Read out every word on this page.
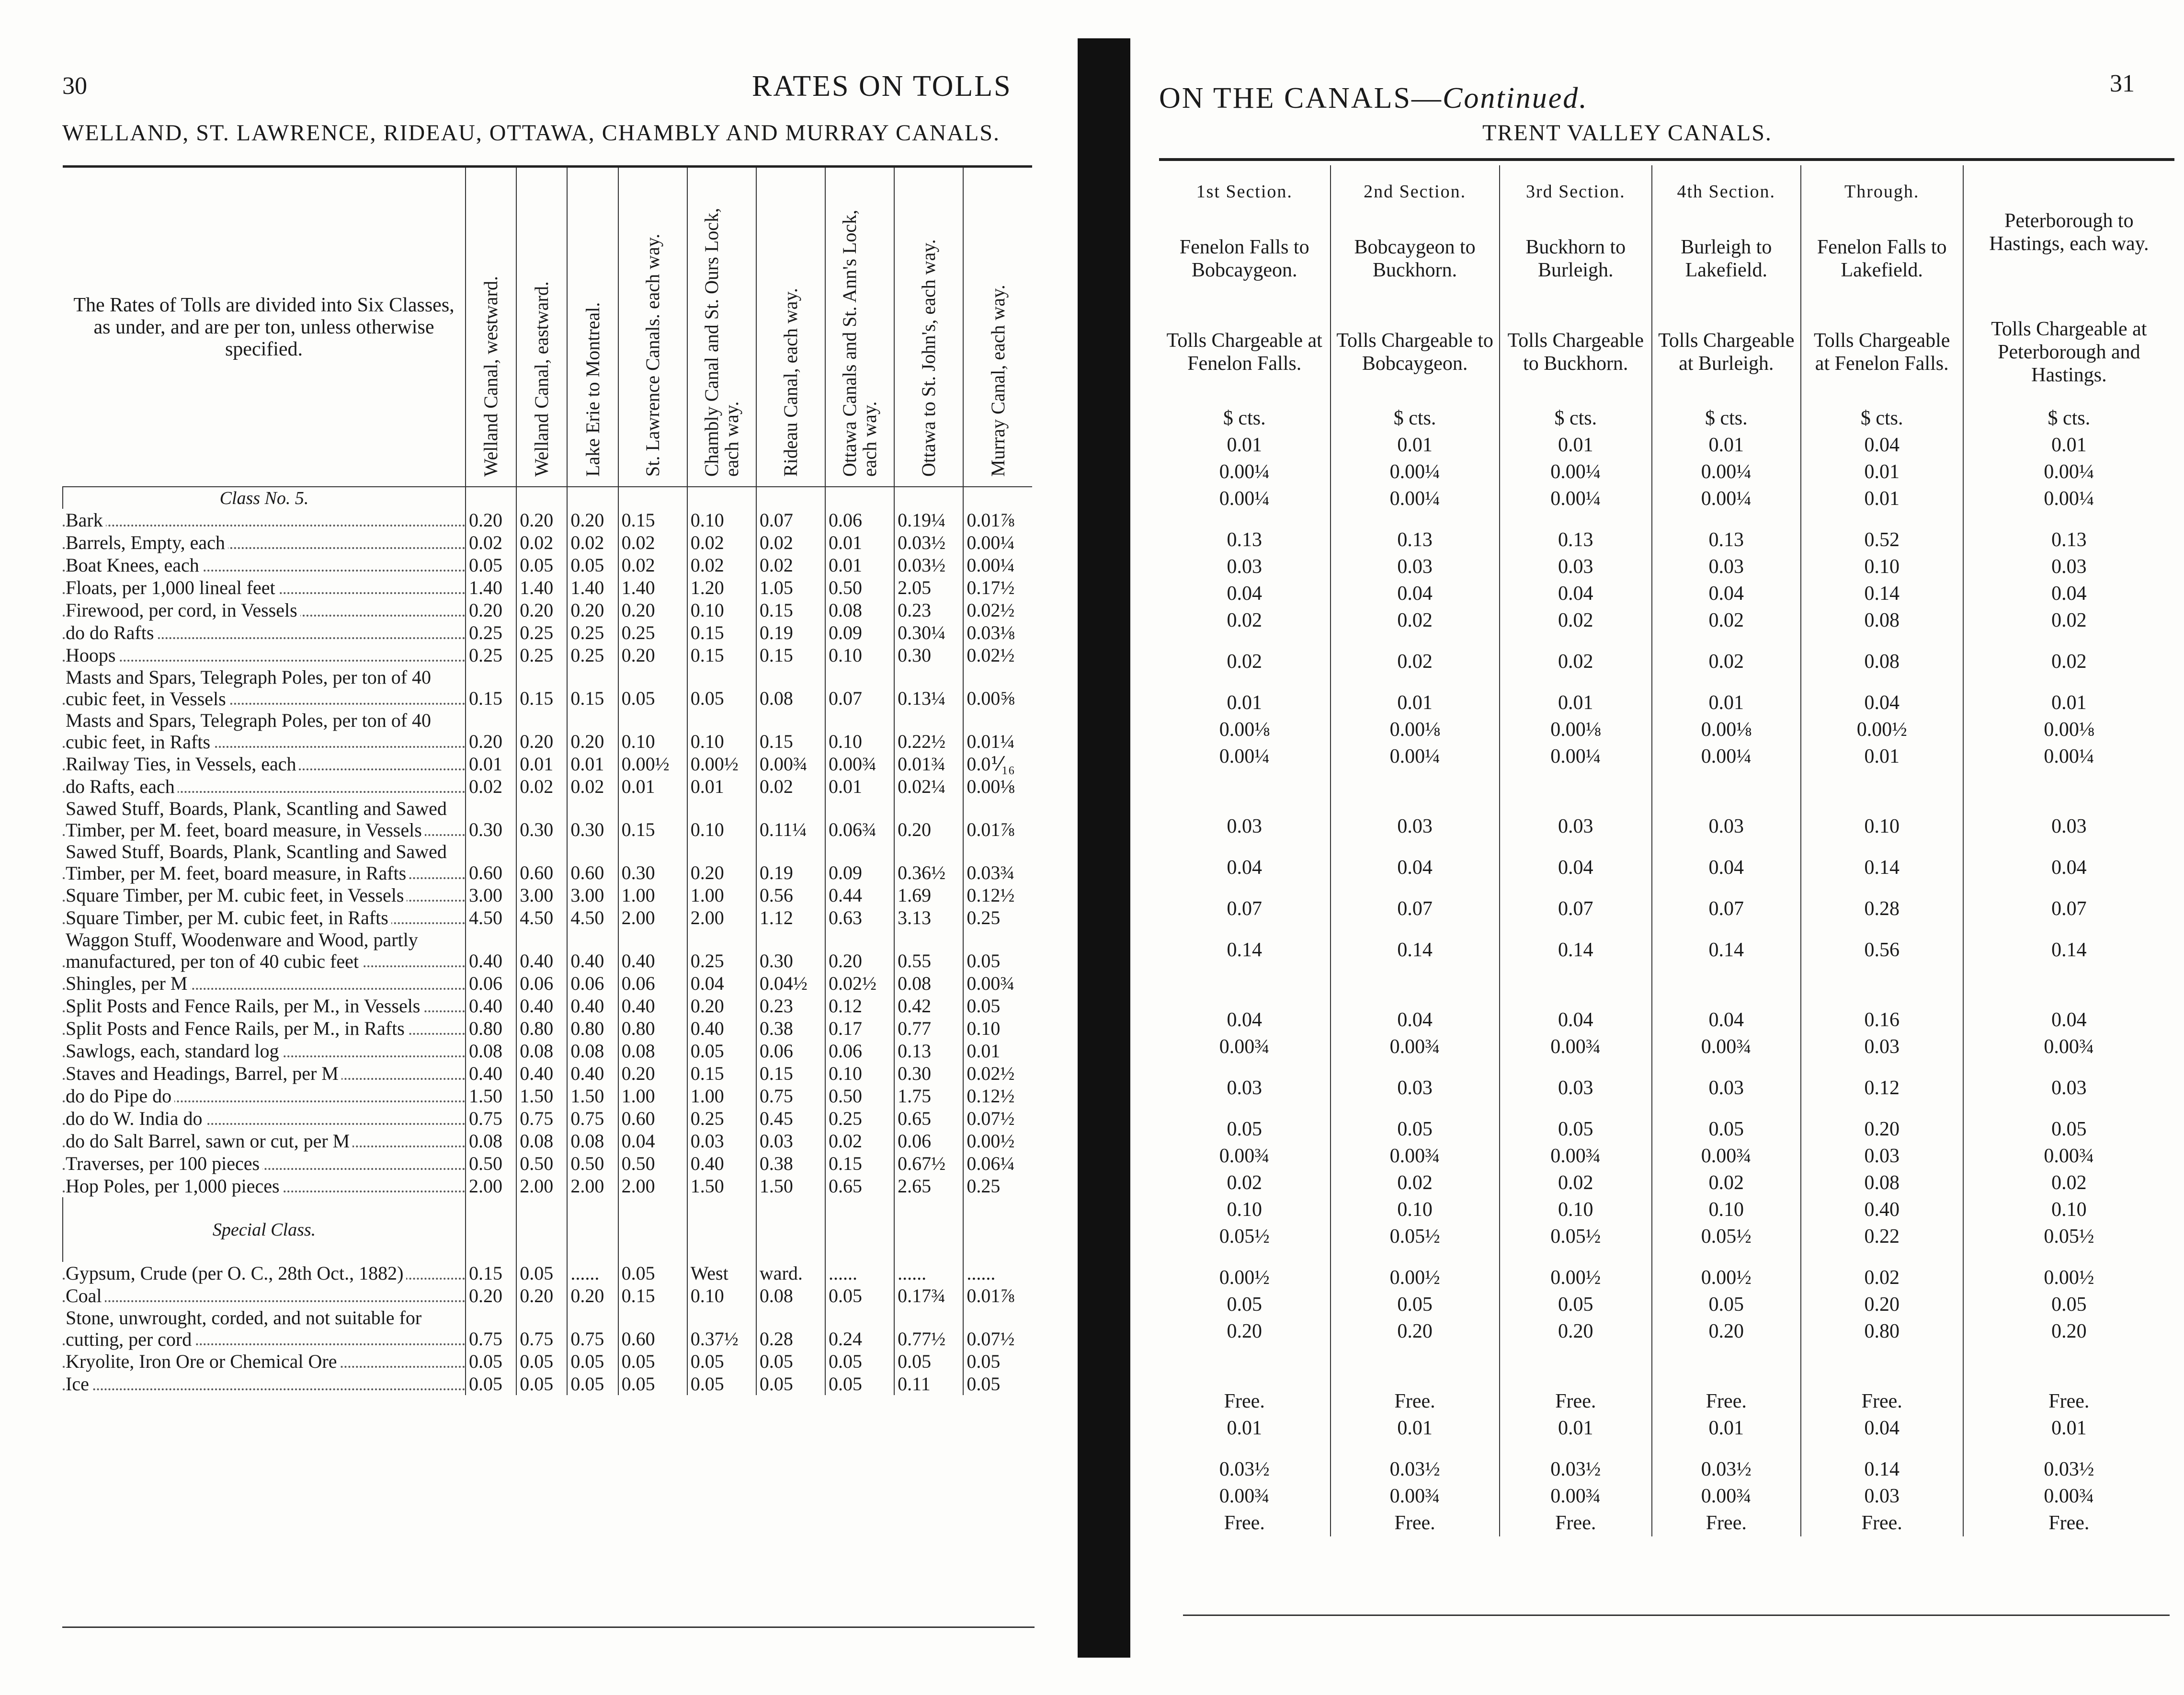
30	RATES ON TOLLS
WELLAND, ST. LAWRENCE, RIDEAU, OTTAWA, CHAMBLY AND MURRAY CANALS.
ON THE CANALS—Continued.	31
TRENT VALLEY CANALS.
The Rates of Tolls are divided into Six Classes, as under, and are per ton, unless otherwise specified.	Welland Canal, westward.	Welland Canal, eastward.	Lake Erie to Montreal.	St. Lawrence Canals. each way.	Chambly Canal and St. Ours Lock, each way.	Rideau Canal, each way.	Ottawa Canals and St. Ann's Lock, each way.	Ottawa to St. John's, each way.	Murray Canal, each way.
Class No. 5.									
Bark	0.20	0.20	0.20	0.15	0.10	0.07	0.06	0.19¼	0.01⅞
Barrels, Empty, each	0.02	0.02	0.02	0.02	0.02	0.02	0.01	0.03½	0.00¼
Boat Knees, each	0.05	0.05	0.05	0.02	0.02	0.02	0.01	0.03½	0.00¼
Floats, per 1,000 lineal feet	1.40	1.40	1.40	1.40	1.20	1.05	0.50	2.05	0.17½
Firewood, per cord, in Vessels	0.20	0.20	0.20	0.20	0.10	0.15	0.08	0.23	0.02½
do do Rafts	0.25	0.25	0.25	0.25	0.15	0.19	0.09	0.30¼	0.03⅛
Hoops	0.25	0.25	0.25	0.20	0.15	0.15	0.10	0.30	0.02½
Masts and Spars, Telegraph Poles, per ton of 40 cubic feet, in Vessels	0.15	0.15	0.15	0.05	0.05	0.08	0.07	0.13¼	0.00⅝
Masts and Spars, Telegraph Poles, per ton of 40 cubic feet, in Rafts	0.20	0.20	0.20	0.10	0.10	0.15	0.10	0.22½	0.01¼
Railway Ties, in Vessels, each	0.01	0.01	0.01	0.00½	0.00½	0.00¾	0.00¾	0.01¾	0.0⅟₁₆
do Rafts, each	0.02	0.02	0.02	0.01	0.01	0.02	0.01	0.02¼	0.00⅛
Sawed Stuff, Boards, Plank, Scantling and Sawed Timber, per M. feet, board measure, in Vessels	0.30	0.30	0.30	0.15	0.10	0.11¼	0.06¾	0.20	0.01⅞
Sawed Stuff, Boards, Plank, Scantling and Sawed Timber, per M. feet, board measure, in Rafts	0.60	0.60	0.60	0.30	0.20	0.19	0.09	0.36½	0.03¾
Square Timber, per M. cubic feet, in Vessels	3.00	3.00	3.00	1.00	1.00	0.56	0.44	1.69	0.12½
Square Timber, per M. cubic feet, in Rafts	4.50	4.50	4.50	2.00	2.00	1.12	0.63	3.13	0.25
Waggon Stuff, Woodenware and Wood, partly manufactured, per ton of 40 cubic feet	0.40	0.40	0.40	0.40	0.25	0.30	0.20	0.55	0.05
Shingles, per M	0.06	0.06	0.06	0.06	0.04	0.04½	0.02½	0.08	0.00¾
Split Posts and Fence Rails, per M., in Vessels	0.40	0.40	0.40	0.40	0.20	0.23	0.12	0.42	0.05
Split Posts and Fence Rails, per M., in Rafts	0.80	0.80	0.80	0.80	0.40	0.38	0.17	0.77	0.10
Sawlogs, each, standard log	0.08	0.08	0.08	0.08	0.05	0.06	0.06	0.13	0.01
Staves and Headings, Barrel, per M	0.40	0.40	0.40	0.20	0.15	0.15	0.10	0.30	0.02½
do do Pipe do	1.50	1.50	1.50	1.00	1.00	0.75	0.50	1.75	0.12½
do do W. India do	0.75	0.75	0.75	0.60	0.25	0.45	0.25	0.65	0.07½
do do Salt Barrel, sawn or cut, per M	0.08	0.08	0.08	0.04	0.03	0.03	0.02	0.06	0.00½
Traverses, per 100 pieces	0.50	0.50	0.50	0.50	0.40	0.38	0.15	0.67½	0.06¼
Hop Poles, per 1,000 pieces	2.00	2.00	2.00	2.00	1.50	1.50	0.65	2.65	0.25

Special Class.									

Gypsum, Crude (per O. C., 28th Oct., 1882)	0.15	0.05	......	0.05	West	ward.	......	......	......
Coal	0.20	0.20	0.20	0.15	0.10	0.08	0.05	0.17¾	0.01⅞
Stone, unwrought, corded, and not suitable for cutting, per cord	0.75	0.75	0.75	0.60	0.37½	0.28	0.24	0.77½	0.07½
Kryolite, Iron Ore or Chemical Ore	0.05	0.05	0.05	0.05	0.05	0.05	0.05	0.05	0.05
Ice	0.05	0.05	0.05	0.05	0.05	0.05	0.05	0.11	0.05
1st Section.	2nd Section.	3rd Section.	4th Section.	Through.	Peterborough to Hastings, each way.
Fenelon Falls to Bobcaygeon.	Bobcaygeon to Buckhorn.	Buckhorn to Burleigh.	Burleigh to Lakefield.	Fenelon Falls to Lakefield.	
Tolls Chargeable at Fenelon Falls.	Tolls Chargeable to Bobcaygeon.	Tolls Chargeable to Buckhorn.	Tolls Chargeable at Burleigh.	Tolls Chargeable at Fenelon Falls.	Tolls Chargeable at Peterborough and Hastings.
$ cts.	$ cts.	$ cts.	$ cts.	$ cts.	$ cts.
0.01	0.01	0.01	0.01	0.04	0.01
0.00¼	0.00¼	0.00¼	0.00¼	0.01	0.00¼
0.00¼	0.00¼	0.00¼	0.00¼	0.01	0.00¼

0.13	0.13	0.13	0.13	0.52	0.13
0.03	0.03	0.03	0.03	0.10	0.03
0.04	0.04	0.04	0.04	0.14	0.04
0.02	0.02	0.02	0.02	0.08	0.02

0.02	0.02	0.02	0.02	0.08	0.02

0.01	0.01	0.01	0.01	0.04	0.01
0.00⅛	0.00⅛	0.00⅛	0.00⅛	0.00½	0.00⅛
0.00¼	0.00¼	0.00¼	0.00¼	0.01	0.00¼

0.03	0.03	0.03	0.03	0.10	0.03

0.04	0.04	0.04	0.04	0.14	0.04

0.07	0.07	0.07	0.07	0.28	0.07

0.14	0.14	0.14	0.14	0.56	0.14

0.04	0.04	0.04	0.04	0.16	0.04
0.00¾	0.00¾	0.00¾	0.00¾	0.03	0.00¾

0.03	0.03	0.03	0.03	0.12	0.03

0.05	0.05	0.05	0.05	0.20	0.05
0.00¾	0.00¾	0.00¾	0.00¾	0.03	0.00¾
0.02	0.02	0.02	0.02	0.08	0.02
0.10	0.10	0.10	0.10	0.40	0.10
0.05½	0.05½	0.05½	0.05½	0.22	0.05½

0.00½	0.00½	0.00½	0.00½	0.02	0.00½
0.05	0.05	0.05	0.05	0.20	0.05
0.20	0.20	0.20	0.20	0.80	0.20

Free.	Free.	Free.	Free.	Free.	Free.
0.01	0.01	0.01	0.01	0.04	0.01

0.03½	0.03½	0.03½	0.03½	0.14	0.03½
0.00¾	0.00¾	0.00¾	0.00¾	0.03	0.00¾
Free.	Free.	Free.	Free.	Free.	Free.
